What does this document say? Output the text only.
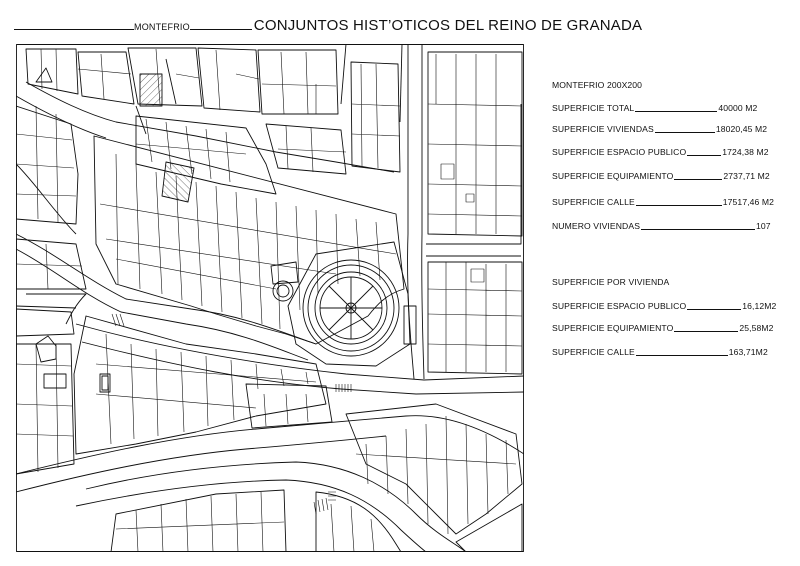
MONTEFRIO	CONJUNTOS HIST’OTICOS DEL REINO DE GRANADA
MONTEFRIO 200X200
SUPERFICIE TOTAL	40000 M2
SUPERFICIE VIVIENDAS	18020,45 M2
SUPERFICIE ESPACIO PUBLICO	1724,38 M2
SUPERFICIE EQUIPAMIENTO	2737,71 M2
SUPERFICIE CALLE	17517,46 M2
NUMERO VIVIENDAS	107
SUPERFICIE POR VIVIENDA
SUPERFICIE ESPACIO PUBLICO	16,12M2
SUPERFICIE EQUIPAMIENTO	25,58M2
SUPERFICIE CALLE	163,71M2
